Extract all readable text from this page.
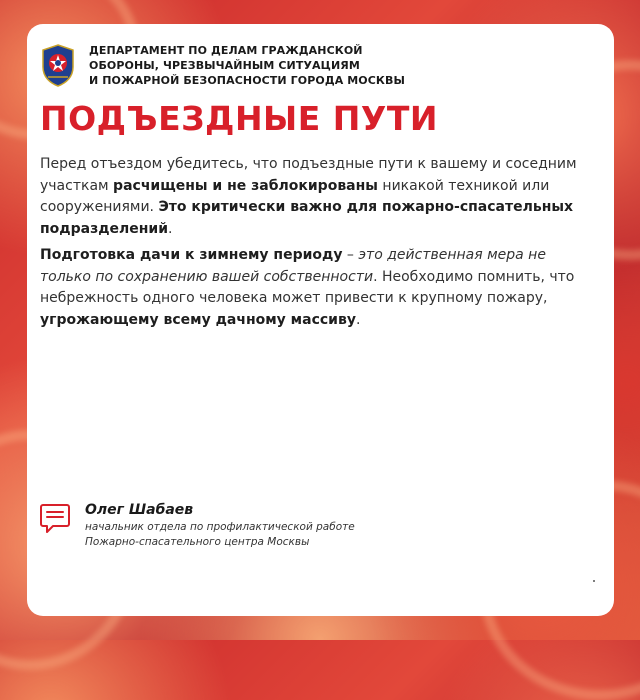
ДЕПАРТАМЕНТ ПО ДЕЛАМ ГРАЖДАНСКОЙ
ОБОРОНЫ, ЧРЕЗВЫЧАЙНЫМ СИТУАЦИЯМ
И ПОЖАРНОЙ БЕЗОПАСНОСТИ ГОРОДА МОСКВЫ
ПОДЪЕЗДНЫЕ ПУТИ
Перед отъездом убедитесь, что подъездные пути к вашему и соседним участкам расчищены и не заблокированы никакой техникой или сооружениями. Это критически важно для пожарно-спасательных подразделений.
Подготовка дачи к зимнему периоду – это действенная мера не только по сохранению вашей собственности. Необходимо помнить, что небрежность одного человека может привести к крупному пожару, угрожающему всему дачному массиву.
Олег Шабаев
начальник отдела по профилактической работе
Пожарно-спасательного центра Москвы
